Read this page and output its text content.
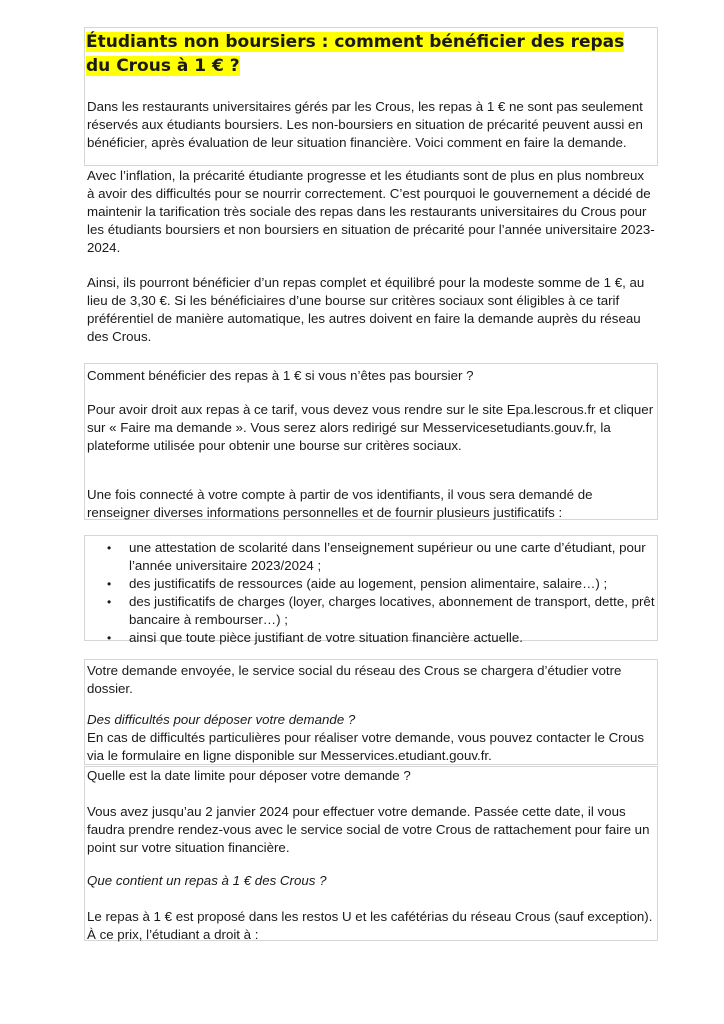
Étudiants non boursiers : comment bénéficier des repas du Crous à 1 € ?

Dans les restaurants universitaires gérés par les Crous, les repas à 1 € ne sont pas seulement réservés aux étudiants boursiers. Les non-boursiers en situation de précarité peuvent aussi en bénéficier, après évaluation de leur situation financière. Voici comment en faire la demande.

Avec l’inflation, la précarité étudiante progresse et les étudiants sont de plus en plus nombreux à avoir des difficultés pour se nourrir correctement. C’est pourquoi le gouvernement a décidé de maintenir la tarification très sociale des repas dans les restaurants universitaires du Crous pour les étudiants boursiers et non boursiers en situation de précarité pour l’année universitaire 2023-2024.

Ainsi, ils pourront bénéficier d’un repas complet et équilibré pour la modeste somme de 1 €, au lieu de 3,30 €. Si les bénéficiaires d’une bourse sur critères sociaux sont éligibles à ce tarif préférentiel de manière automatique, les autres doivent en faire la demande auprès du réseau des Crous.

Comment bénéficier des repas à 1 € si vous n’êtes pas boursier ?

Pour avoir droit aux repas à ce tarif, vous devez vous rendre sur le site Epa.lescrous.fr et cliquer sur « Faire ma demande ». Vous serez alors redirigé sur Messervicesetudiants.gouv.fr, la plateforme utilisée pour obtenir une bourse sur critères sociaux.

Une fois connecté à votre compte à partir de vos identifiants, il vous sera demandé de renseigner diverses informations personnelles et de fournir plusieurs justificatifs :

• une attestation de scolarité dans l’enseignement supérieur ou une carte d’étudiant, pour l’année universitaire 2023/2024 ;
• des justificatifs de ressources (aide au logement, pension alimentaire, salaire…) ;
• des justificatifs de charges (loyer, charges locatives, abonnement de transport, dette, prêt bancaire à rembourser…) ;
• ainsi que toute pièce justifiant de votre situation financière actuelle.

Votre demande envoyée, le service social du réseau des Crous se chargera d’étudier votre dossier.

Des difficultés pour déposer votre demande ?

En cas de difficultés particulières pour réaliser votre demande, vous pouvez contacter le Crous via le formulaire en ligne disponible sur Messervices.etudiant.gouv.fr.

Quelle est la date limite pour déposer votre demande ?

Vous avez jusqu’au 2 janvier 2024 pour effectuer votre demande. Passée cette date, il vous faudra prendre rendez-vous avec le service social de votre Crous de rattachement pour faire un point sur votre situation financière.

Que contient un repas à 1 € des Crous ?

Le repas à 1 € est proposé dans les restos U et les cafétérias du réseau Crous (sauf exception). À ce prix, l’étudiant a droit à :
